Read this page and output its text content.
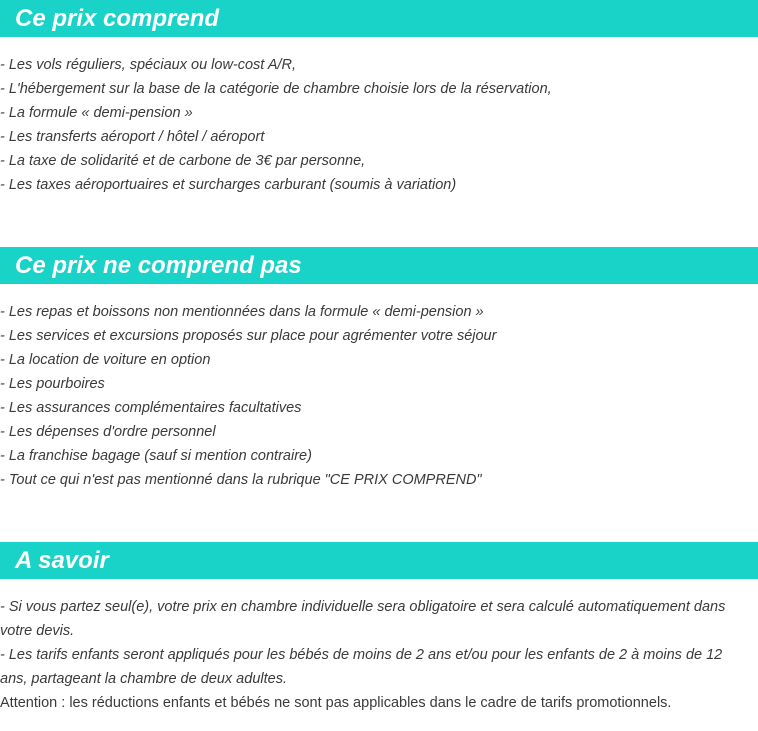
Ce prix comprend
- Les vols réguliers, spéciaux ou low-cost A/R,
- L'hébergement sur la base de la catégorie de chambre choisie lors de la réservation,
- La formule « demi-pension »
- Les transferts aéroport / hôtel / aéroport
- La taxe de solidarité et de carbone de 3€ par personne,
- Les taxes aéroportuaires et surcharges carburant (soumis à variation)
Ce prix ne comprend pas
- Les repas et boissons non mentionnées dans la formule « demi-pension »
- Les services et excursions proposés sur place pour agrémenter votre séjour
- La location de voiture en option
- Les pourboires
- Les assurances complémentaires facultatives
- Les dépenses d'ordre personnel
- La franchise bagage (sauf si mention contraire)
- Tout ce qui n'est pas mentionné dans la rubrique "CE PRIX COMPREND"
A savoir

- Si vous partez seul(e), votre prix en chambre individuelle sera obligatoire et sera calculé automatiquement dans votre devis.

- Les tarifs enfants seront appliqués pour les bébés de moins de 2 ans et/ou pour les enfants de 2 à moins de 12 ans, partageant la chambre de deux adultes.

Attention : les réductions enfants et bébés ne sont pas applicables dans le cadre de tarifs promotionnels.
